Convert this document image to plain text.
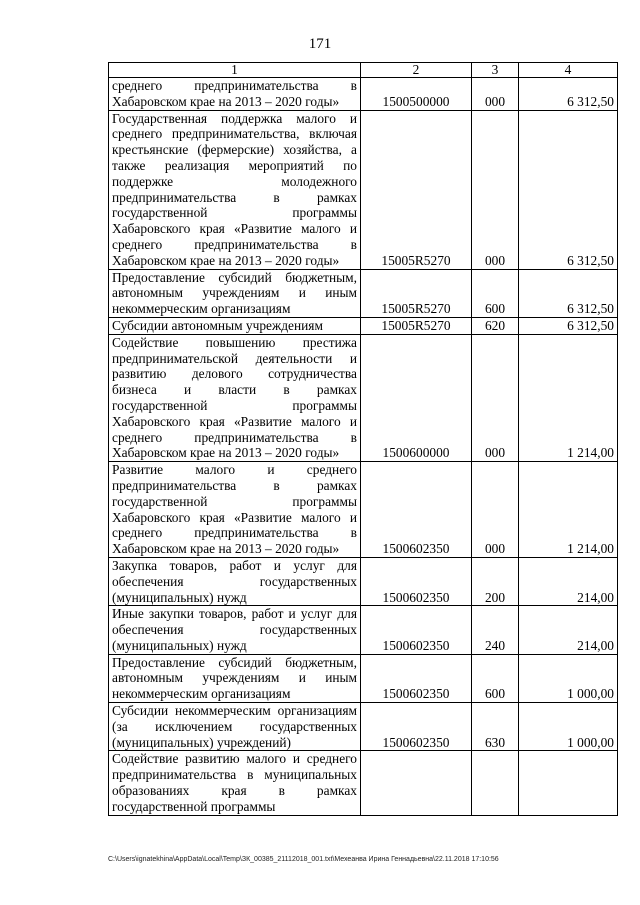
171
1	2	3	4
среднего предпринимательства в Хабаровском крае на 2013 – 2020 годы»	1500500000	000	6 312,50
Государственная поддержка малого и среднего предпринимательства, включая крестьянские (фермерские) хозяйства, а также реализация мероприятий по поддержке молодежного предпринимательства в рамках государственной программы Хабаровского края «Развитие малого и среднего предпринимательства в Хабаровском крае на 2013 – 2020 годы»	15005R5270	000	6 312,50
Предоставление субсидий бюджетным, автономным учреждениям и иным некоммерческим организациям	15005R5270	600	6 312,50
Субсидии автономным учреждениям	15005R5270	620	6 312,50
Содействие повышению престижа предпринимательской деятельности и развитию делового сотрудничества бизнеса и власти в рамках государственной программы Хабаровского края «Развитие малого и среднего предпринимательства в Хабаровском крае на 2013 – 2020 годы»	1500600000	000	1 214,00
Развитие малого и среднего предпринимательства в рамках государственной программы Хабаровского края «Развитие малого и среднего предпринимательства в Хабаровском крае на 2013 – 2020 годы»	1500602350	000	1 214,00
Закупка товаров, работ и услуг для обеспечения государственных (муниципальных) нужд	1500602350	200	214,00
Иные закупки товаров, работ и услуг для обеспечения государственных (муниципальных) нужд	1500602350	240	214,00
Предоставление субсидий бюджетным, автономным учреждениям и иным некоммерческим организациям	1500602350	600	1 000,00
Субсидии некоммерческим организациям (за исключением государственных (муниципальных) учреждений)	1500602350	630	1 000,00
Содействие развитию малого и среднего предпринимательства в муниципальных образованиях края в рамках государственной программы			
C:\Users\ignatekhina\AppData\Local\Temp\ЗК_00385_21112018_001.txt\Мехеанва Ирина Геннадьевна\22.11.2018 17:10:56
